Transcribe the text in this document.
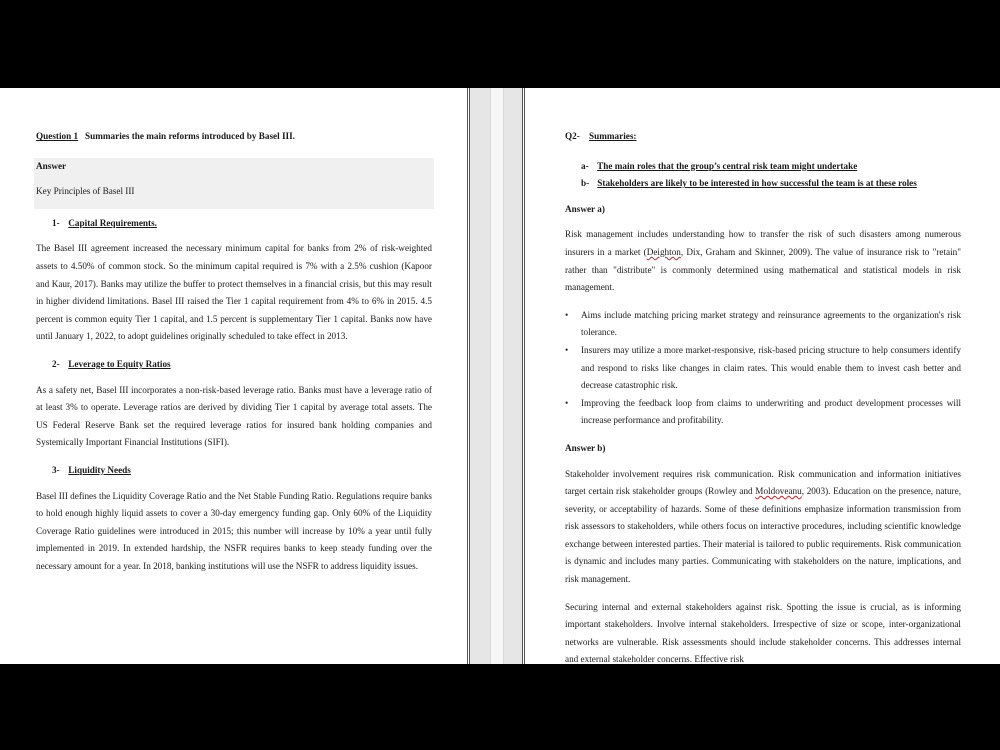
Question 1 Summaries the main reforms introduced by Basel III.
Answer
Key Principles of Basel III
1- Capital Requirements.

The Basel III agreement increased the necessary minimum capital for banks from 2% of risk-weighted assets to 4.50% of common stock. So the minimum capital required is 7% with a 2.5% cushion (Kapoor and Kaur, 2017). Banks may utilize the buffer to protect themselves in a financial crisis, but this may result in higher dividend limitations. Basel III raised the Tier 1 capital requirement from 4% to 6% in 2015. 4.5 percent is common equity Tier 1 capital, and 1.5 percent is supplementary Tier 1 capital. Banks now have until January 1, 2022, to adopt guidelines originally scheduled to take effect in 2013.

2- Leverage to Equity Ratios

As a safety net, Basel III incorporates a non-risk-based leverage ratio. Banks must have a leverage ratio of at least 3% to operate. Leverage ratios are derived by dividing Tier 1 capital by average total assets. The US Federal Reserve Bank set the required leverage ratios for insured bank holding companies and Systemically Important Financial Institutions (SIFI).

3- Liquidity Needs

Basel III defines the Liquidity Coverage Ratio and the Net Stable Funding Ratio. Regulations require banks to hold enough highly liquid assets to cover a 30-day emergency funding gap. Only 60% of the Liquidity Coverage Ratio guidelines were introduced in 2015; this number will increase by 10% a year until fully implemented in 2019. In extended hardship, the NSFR requires banks to keep steady funding over the necessary amount for a year. In 2018, banking institutions will use the NSFR to address liquidity issues.

Q2- Summaries:
a- The main roles that the group’s central risk team might undertake
b- Stakeholders are likely to be interested in how successful the team is at these roles
Answer a)

Risk management includes understanding how to transfer the risk of such disasters among numerous insurers in a market (Deighton, Dix, Graham and Skinner, 2009). The value of insurance risk to "retain" rather than "distribute" is commonly determined using mathematical and statistical models in risk management.

• Aims include matching pricing market strategy and reinsurance agreements to the organization's risk tolerance.
• Insurers may utilize a more market-responsive, risk-based pricing structure to help consumers identify and respond to risks like changes in claim rates. This would enable them to invest cash better and decrease catastrophic risk.
• Improving the feedback loop from claims to underwriting and product development processes will increase performance and profitability.
Answer b)

Stakeholder involvement requires risk communication. Risk communication and information initiatives target certain risk stakeholder groups (Rowley and Moldoveanu, 2003). Education on the presence, nature, severity, or acceptability of hazards. Some of these definitions emphasize information transmission from risk assessors to stakeholders, while others focus on interactive procedures, including scientific knowledge exchange between interested parties. Their material is tailored to public requirements. Risk communication is dynamic and includes many parties. Communicating with stakeholders on the nature, implications, and risk management.

Securing internal and external stakeholders against risk. Spotting the issue is crucial, as is informing important stakeholders. Involve internal stakeholders. Irrespective of size or scope, inter-organizational networks are vulnerable. Risk assessments should include stakeholder concerns. This addresses internal and external stakeholder concerns. Effective risk
